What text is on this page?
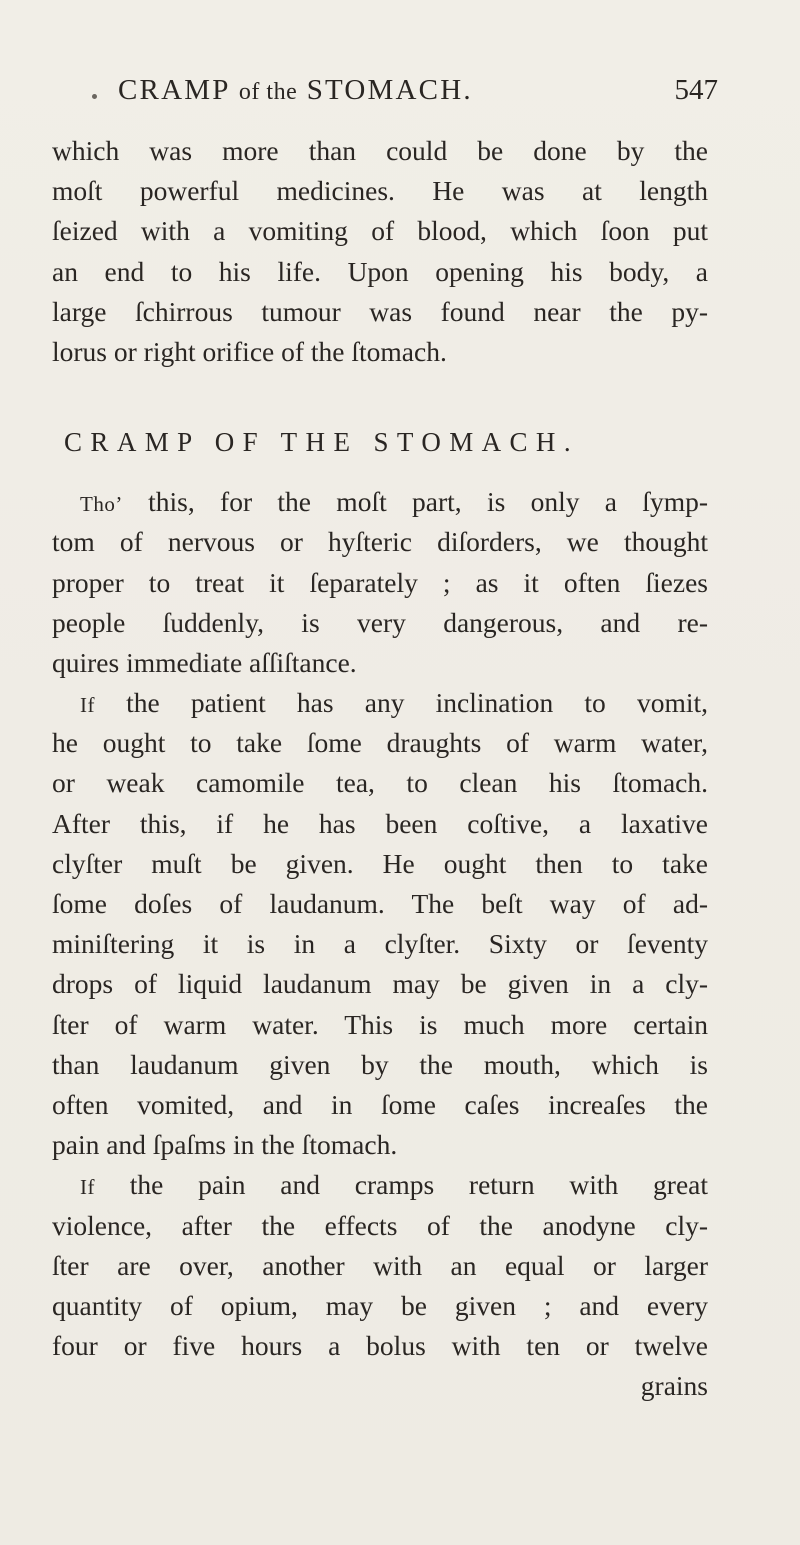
CRAMP of the STOMACH.	547
which was more than could be done by the
moſt powerful medicines. He was at length
ſeized with a vomiting of blood, which ſoon put
an end to his life. Upon opening his body, a
large ſchirrous tumour was found near the py-
lorus or right orifice of the ſtomach.
CRAMP OF THE STOMACH.
Tho’ this, for the moſt part, is only a ſymp-
tom of nervous or hyſteric diſorders, we thought
proper to treat it ſeparately ; as it often ſiezes
people ſuddenly, is very dangerous, and re-
quires immediate aſſiſtance.
If the patient has any inclination to vomit,
he ought to take ſome draughts of warm water,
or weak camomile tea, to clean his ſtomach.
After this, if he has been coſtive, a laxative
clyſter muſt be given. He ought then to take
ſome doſes of laudanum. The beſt way of ad-
miniſtering it is in a clyſter. Sixty or ſeventy
drops of liquid laudanum may be given in a cly-
ſter of warm water. This is much more certain
than laudanum given by the mouth, which is
often vomited, and in ſome caſes increaſes the
pain and ſpaſms in the ſtomach.
If the pain and cramps return with great
violence, after the effects of the anodyne cly-
ſter are over, another with an equal or larger
quantity of opium, may be given ; and every
four or five hours a bolus with ten or twelve
grains
